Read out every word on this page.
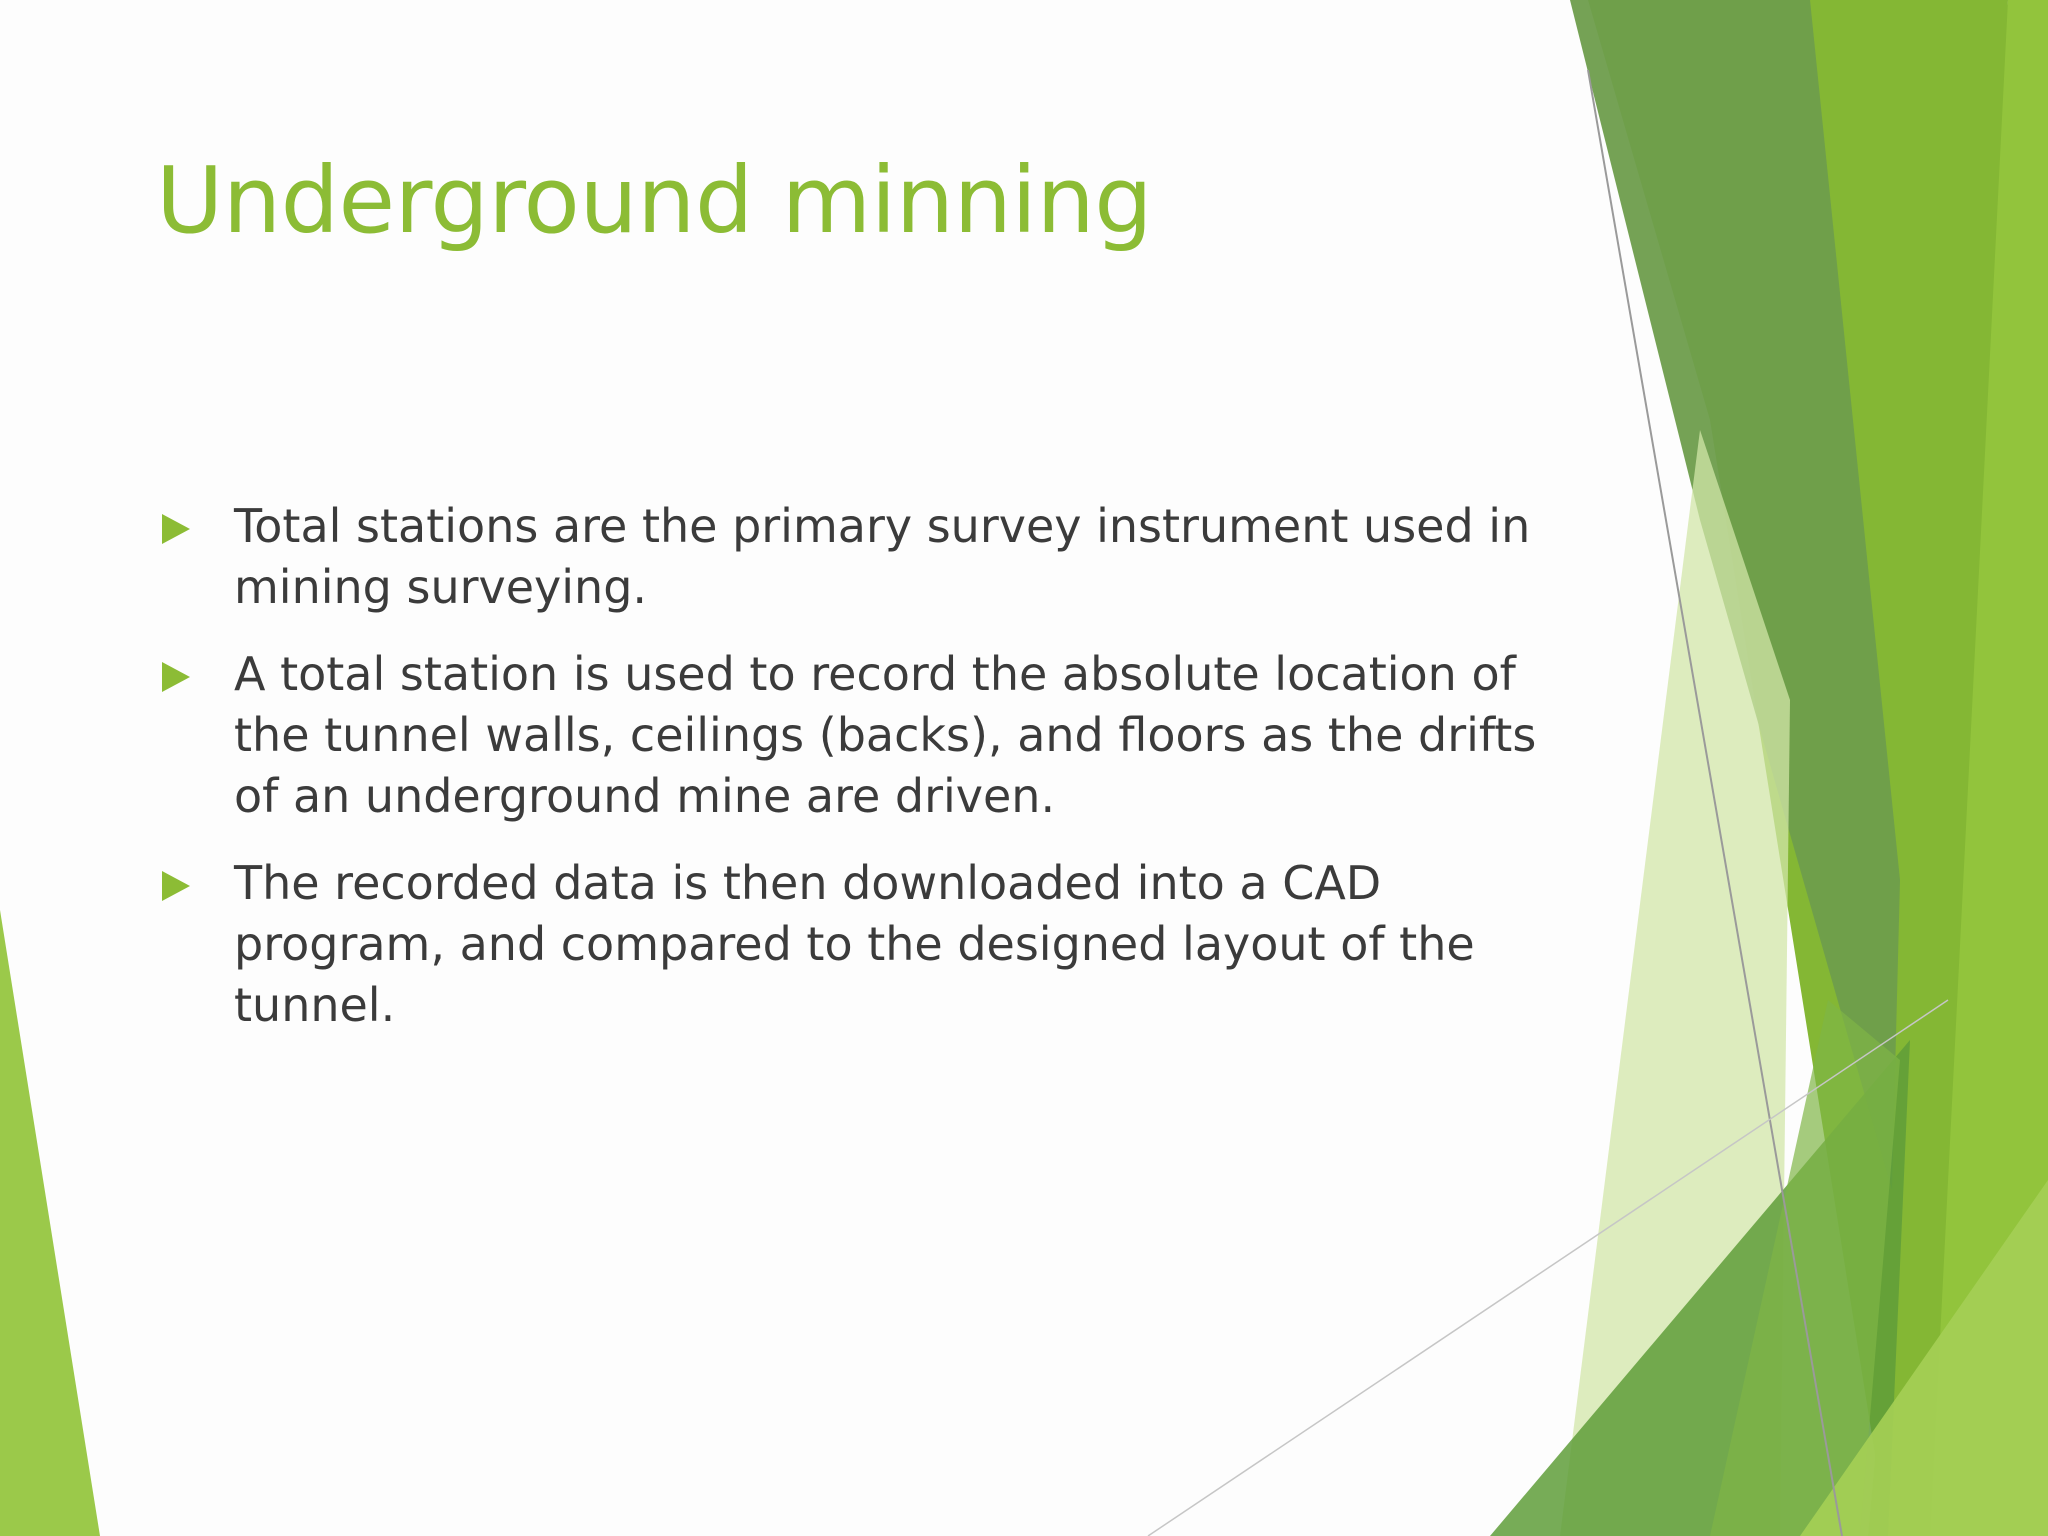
Underground minning
Total stations are the primary survey instrument used in mining surveying.
A total station is used to record the absolute location of the tunnel walls, ceilings (backs), and floors as the drifts of an underground mine are driven.
The recorded data is then downloaded into a CAD program, and compared to the designed layout of the tunnel.
